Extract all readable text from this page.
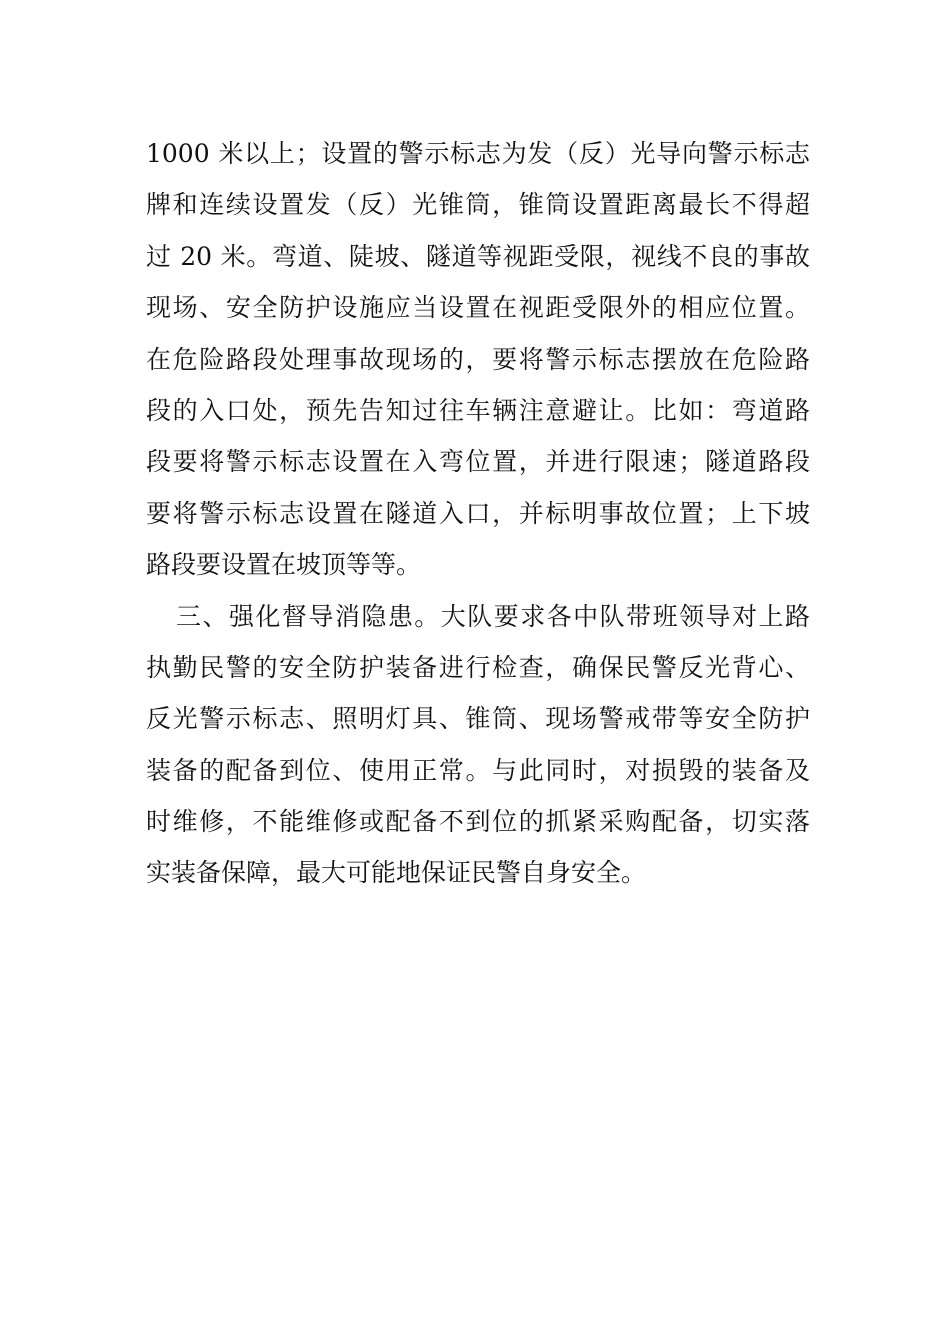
1000 米以上；设置的警示标志为发（反）光导向警示标志
牌和连续设置发（反）光锥筒，锥筒设置距离最长不得超
过 20 米。弯道、陡坡、隧道等视距受限，视线不良的事故
现场、安全防护设施应当设置在视距受限外的相应位置。
在危险路段处理事故现场的，要将警示标志摆放在危险路
段的入口处，预先告知过往车辆注意避让。比如：弯道路
段要将警示标志设置在入弯位置，并进行限速；隧道路段
要将警示标志设置在隧道入口，并标明事故位置；上下坡
路段要设置在坡顶等等。
三、强化督导消隐患。大队要求各中队带班领导对上路
执勤民警的安全防护装备进行检查，确保民警反光背心、
反光警示标志、照明灯具、锥筒、现场警戒带等安全防护
装备的配备到位、使用正常。与此同时，对损毁的装备及
时维修，不能维修或配备不到位的抓紧采购配备，切实落
实装备保障，最大可能地保证民警自身安全。
